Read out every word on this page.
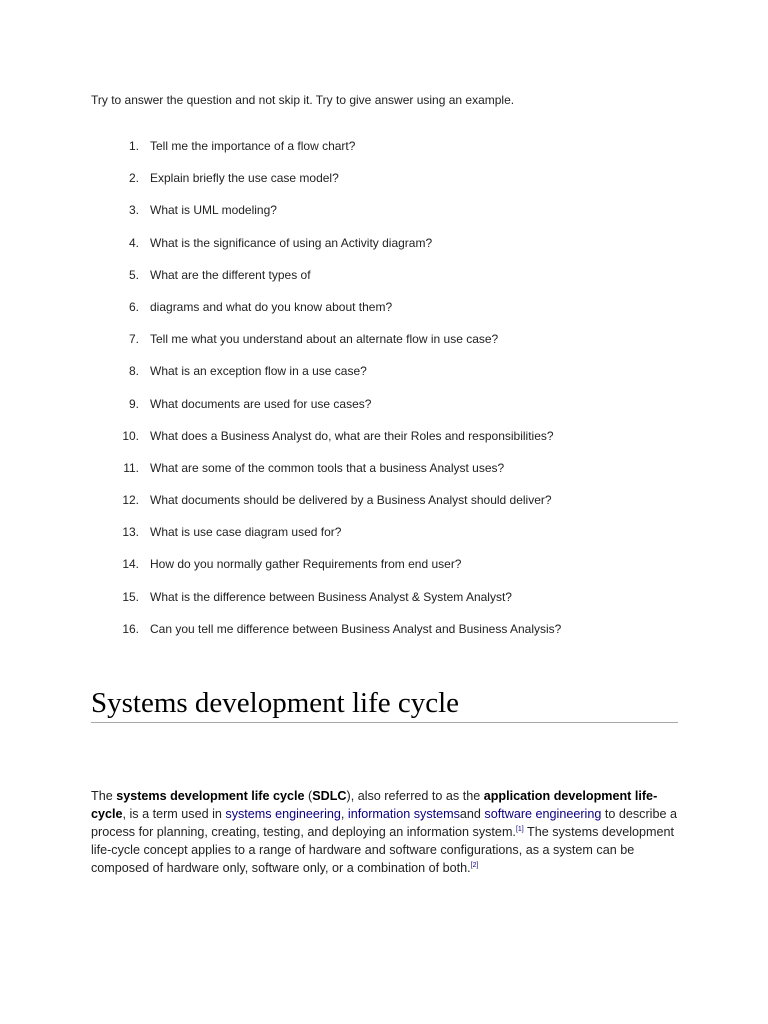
Try to answer the question and not skip it. Try to give answer using an example.

1. Tell me the importance of a flow chart?
2. Explain briefly the use case model?
3. What is UML modeling?
4. What is the significance of using an Activity diagram?
5. What are the different types of
6. diagrams and what do you know about them?
7. Tell me what you understand about an alternate flow in use case?
8. What is an exception flow in a use case?
9. What documents are used for use cases?
10. What does a Business Analyst do, what are their Roles and responsibilities?
11. What are some of the common tools that a business Analyst uses?
12. What documents should be delivered by a Business Analyst should deliver?
13. What is use case diagram used for?
14. How do you normally gather Requirements from end user?
15. What is the difference between Business Analyst & System Analyst?
16. Can you tell me difference between Business Analyst and Business Analysis?
Systems development life cycle

The systems development life cycle (SDLC), also referred to as the application development life-cycle, is a term used in systems engineering, information systemsand software engineering to describe a process for planning, creating, testing, and deploying an information system.[1] The systems development life-cycle concept applies to a range of hardware and software configurations, as a system can be composed of hardware only, software only, or a combination of both.[2]
